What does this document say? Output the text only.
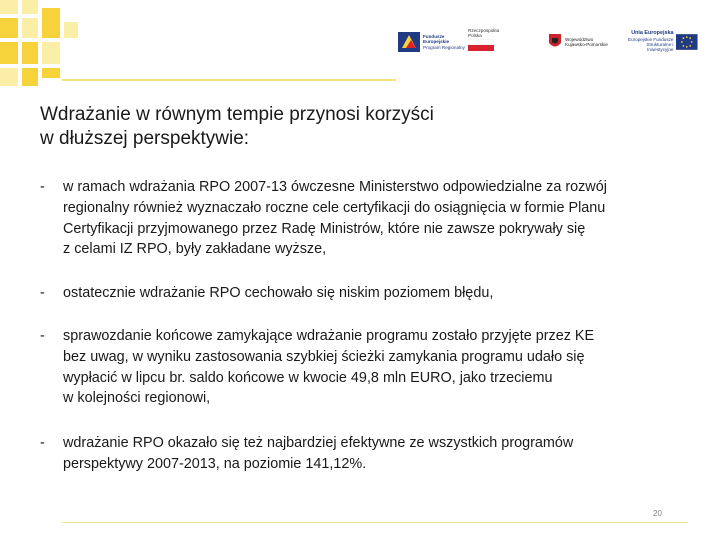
Fundusze
Europejskie
Program Regionalny
Rzeczpospolita
Polska
Województwo
Kujawsko-Pomorskie
Unia Europejska
Europejskie Fundusze
Strukturalne i Inwestycyjne
Wdrażanie w równym tempie przynosi korzyści
w dłuższej perspektywie:
-	w ramach wdrażania RPO 2007-13 ówczesne Ministerstwo odpowiedzialne za rozwój
regionalny również wyznaczało roczne cele certyfikacji do osiągnięcia w formie Planu
Certyfikacji przyjmowanego przez Radę Ministrów, które nie zawsze pokrywały się
z celami IZ RPO, były zakładane wyższe,
-	ostatecznie wdrażanie RPO cechowało się niskim poziomem błędu,
-	sprawozdanie końcowe zamykające wdrażanie programu zostało przyjęte przez KE
bez uwag, w wyniku zastosowania szybkiej ścieżki zamykania programu udało się
wypłacić w lipcu br. saldo końcowe w kwocie 49,8 mln EURO, jako trzeciemu
w kolejności regionowi,
-	wdrażanie RPO okazało się też najbardziej efektywne ze wszystkich programów
perspektywy 2007-2013, na poziomie 141,12%.
20
